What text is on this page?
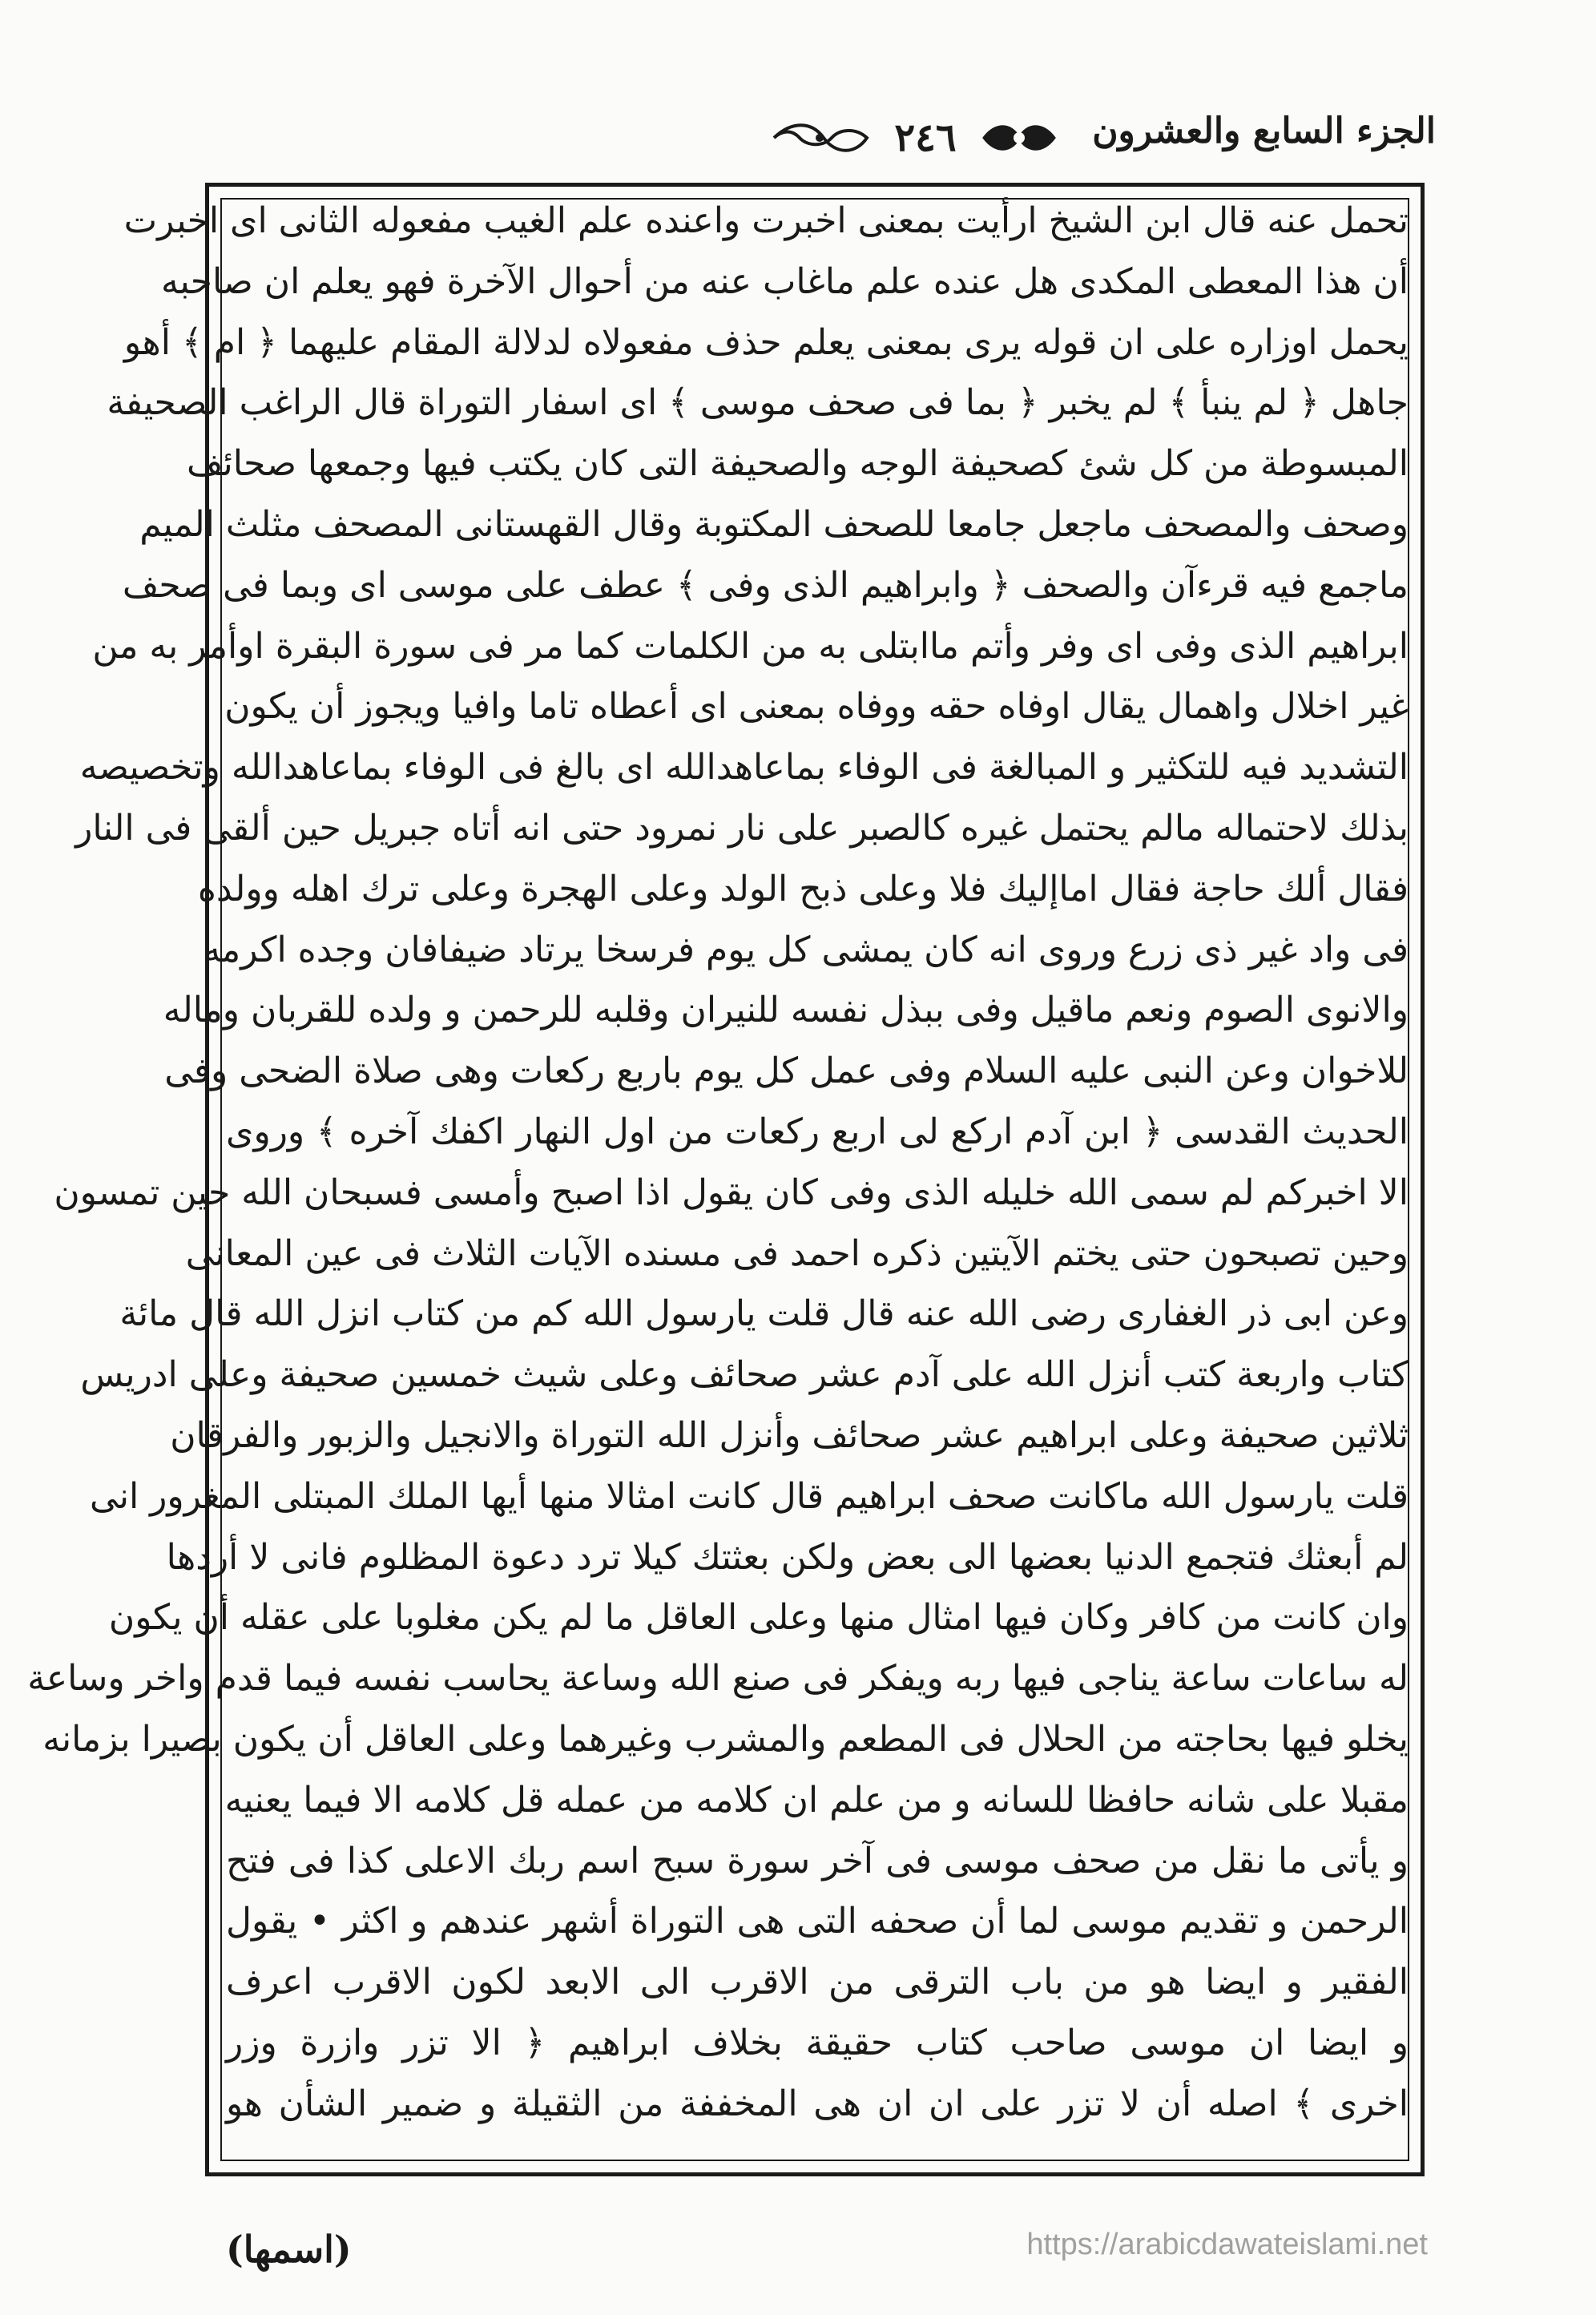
الجزء السابع والعشرون
٢٤٦
تحمل عنه قال ابن الشيخ ارأيت بمعنى اخبرت واعنده علم الغيب مفعوله الثانى اى اخبرت
أن هذا المعطى المكدى هل عنده علم ماغاب عنه من أحوال الآخرة فهو يعلم ان صاحبه
يحمل اوزاره على ان قوله يرى بمعنى يعلم حذف مفعولاه لدلالة المقام عليهما ﴿ ام ﴾ أهو
جاهل ﴿ لم ينبأ ﴾ لم يخبر ﴿ بما فى صحف موسى ﴾ اى اسفار التوراة قال الراغب الصحيفة
المبسوطة من كل شئ كصحيفة الوجه والصحيفة التى كان يكتب فيها وجمعها صحائف
وصحف والمصحف ماجعل جامعا للصحف المكتوبة وقال القهستانى المصحف مثلث الميم
ماجمع فيه قرءآن والصحف ﴿ وابراهيم الذى وفى ﴾ عطف على موسى اى وبما فى صحف
ابراهيم الذى وفى اى وفر وأتم ماابتلى به من الكلمات كما مر فى سورة البقرة اوأمر به من
غير اخلال واهمال يقال اوفاه حقه ووفاه بمعنى اى أعطاه تاما وافيا ويجوز أن يكون
التشديد فيه للتكثير و المبالغة فى الوفاء بماعاهدالله اى بالغ فى الوفاء بماعاهدالله وتخصيصه
بذلك لاحتماله مالم يحتمل غيره كالصبر على نار نمرود حتى انه أتاه جبريل حين ألقى فى النار
فقال ألك حاجة فقال اماإليك فلا وعلى ذبح الولد وعلى الهجرة وعلى ترك اهله وولده
فى واد غير ذى زرع وروى انه كان يمشى كل يوم فرسخا يرتاد ضيفافان وجده اكرمه
والانوى الصوم ونعم ماقيل وفى ببذل نفسه للنيران وقلبه للرحمن و ولده للقربان وماله
للاخوان وعن النبى عليه السلام وفى عمل كل يوم باربع ركعات وهى صلاة الضحى وفى
الحديث القدسى ﴿ ابن آدم اركع لى اربع ركعات من اول النهار اكفك آخره ﴾ وروى
الا اخبركم لم سمى الله خليله الذى وفى كان يقول اذا اصبح وأمسى فسبحان الله حين تمسون
وحين تصبحون حتى يختم الآيتين ذكره احمد فى مسنده الآيات الثلاث فى عين المعانى
وعن ابى ذر الغفارى رضى الله عنه قال قلت يارسول الله كم من كتاب انزل الله قال مائة
كتاب واربعة كتب أنزل الله على آدم عشر صحائف وعلى شيث خمسين صحيفة وعلى ادريس
ثلاثين صحيفة وعلى ابراهيم عشر صحائف وأنزل الله التوراة والانجيل والزبور والفرقان
قلت يارسول الله ماكانت صحف ابراهيم قال كانت امثالا منها أيها الملك المبتلى المغرور انى
لم أبعثك فتجمع الدنيا بعضها الى بعض ولكن بعثتك كيلا ترد دعوة المظلوم فانى لا أردها
وان كانت من كافر وكان فيها امثال منها وعلى العاقل ما لم يكن مغلوبا على عقله أن يكون
له ساعات ساعة يناجى فيها ربه ويفكر فى صنع الله وساعة يحاسب نفسه فيما قدم واخر وساعة
يخلو فيها بحاجته من الحلال فى المطعم والمشرب وغيرهما وعلى العاقل أن يكون بصيرا بزمانه
مقبلا على شانه حافظا للسانه و من علم ان كلامه من عمله قل كلامه الا فيما يعنيه
و يأتى ما نقل من صحف موسى فى آخر سورة سبح اسم ربك الاعلى كذا فى فتح
الرحمن و تقديم موسى لما أن صحفه التى هى التوراة أشهر عندهم و اكثر • يقول
الفقير و ايضا هو من باب الترقى من الاقرب الى الابعد لكون الاقرب اعرف
و ايضا ان موسى صاحب كتاب حقيقة بخلاف ابراهيم ﴿ الا تزر وازرة وزر
اخرى ﴾ اصله أن لا تزر على ان ان هى المخففة من الثقيلة و ضمير الشأن هو
(اسمها)	https://arabicdawateislami.net
